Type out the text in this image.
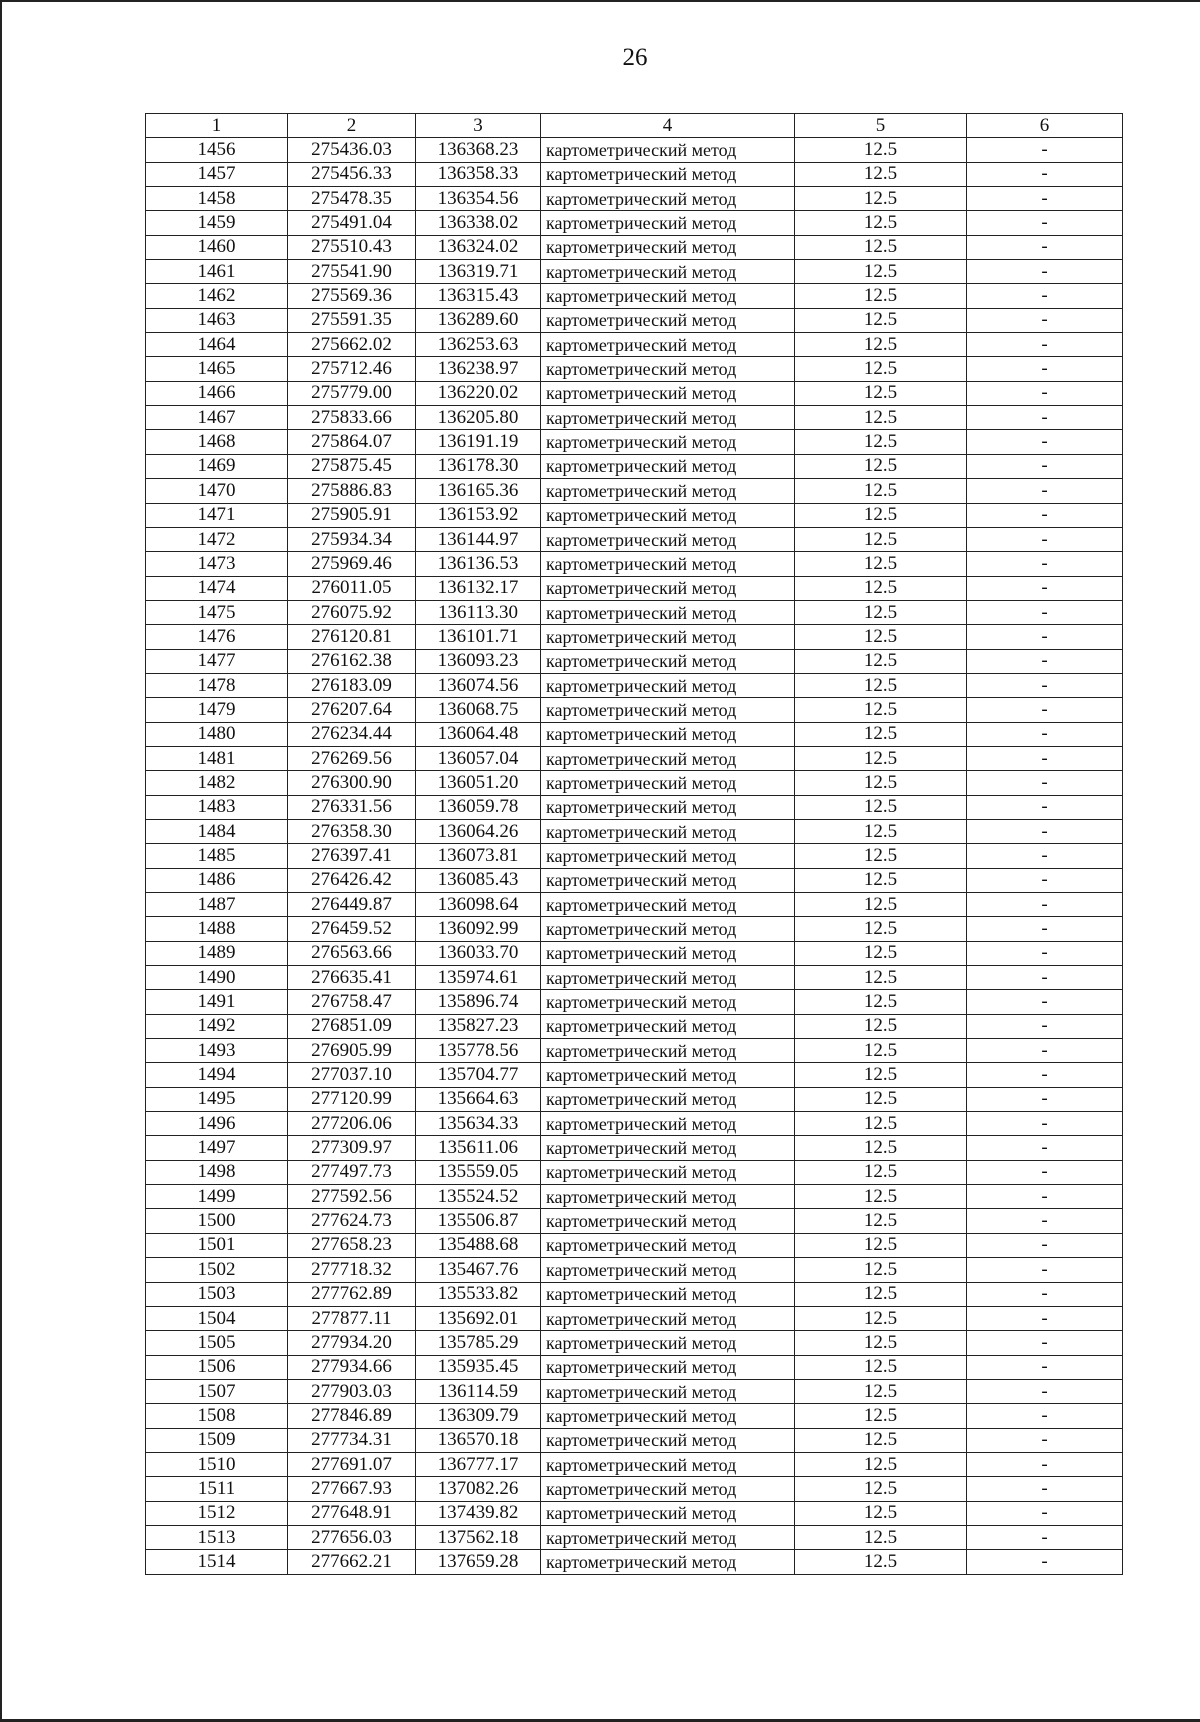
26
1	2	3	4	5	6
1456	275436.03	136368.23	картометрический метод	12.5	-
1457	275456.33	136358.33	картометрический метод	12.5	-
1458	275478.35	136354.56	картометрический метод	12.5	-
1459	275491.04	136338.02	картометрический метод	12.5	-
1460	275510.43	136324.02	картометрический метод	12.5	-
1461	275541.90	136319.71	картометрический метод	12.5	-
1462	275569.36	136315.43	картометрический метод	12.5	-
1463	275591.35	136289.60	картометрический метод	12.5	-
1464	275662.02	136253.63	картометрический метод	12.5	-
1465	275712.46	136238.97	картометрический метод	12.5	-
1466	275779.00	136220.02	картометрический метод	12.5	-
1467	275833.66	136205.80	картометрический метод	12.5	-
1468	275864.07	136191.19	картометрический метод	12.5	-
1469	275875.45	136178.30	картометрический метод	12.5	-
1470	275886.83	136165.36	картометрический метод	12.5	-
1471	275905.91	136153.92	картометрический метод	12.5	-
1472	275934.34	136144.97	картометрический метод	12.5	-
1473	275969.46	136136.53	картометрический метод	12.5	-
1474	276011.05	136132.17	картометрический метод	12.5	-
1475	276075.92	136113.30	картометрический метод	12.5	-
1476	276120.81	136101.71	картометрический метод	12.5	-
1477	276162.38	136093.23	картометрический метод	12.5	-
1478	276183.09	136074.56	картометрический метод	12.5	-
1479	276207.64	136068.75	картометрический метод	12.5	-
1480	276234.44	136064.48	картометрический метод	12.5	-
1481	276269.56	136057.04	картометрический метод	12.5	-
1482	276300.90	136051.20	картометрический метод	12.5	-
1483	276331.56	136059.78	картометрический метод	12.5	-
1484	276358.30	136064.26	картометрический метод	12.5	-
1485	276397.41	136073.81	картометрический метод	12.5	-
1486	276426.42	136085.43	картометрический метод	12.5	-
1487	276449.87	136098.64	картометрический метод	12.5	-
1488	276459.52	136092.99	картометрический метод	12.5	-
1489	276563.66	136033.70	картометрический метод	12.5	-
1490	276635.41	135974.61	картометрический метод	12.5	-
1491	276758.47	135896.74	картометрический метод	12.5	-
1492	276851.09	135827.23	картометрический метод	12.5	-
1493	276905.99	135778.56	картометрический метод	12.5	-
1494	277037.10	135704.77	картометрический метод	12.5	-
1495	277120.99	135664.63	картометрический метод	12.5	-
1496	277206.06	135634.33	картометрический метод	12.5	-
1497	277309.97	135611.06	картометрический метод	12.5	-
1498	277497.73	135559.05	картометрический метод	12.5	-
1499	277592.56	135524.52	картометрический метод	12.5	-
1500	277624.73	135506.87	картометрический метод	12.5	-
1501	277658.23	135488.68	картометрический метод	12.5	-
1502	277718.32	135467.76	картометрический метод	12.5	-
1503	277762.89	135533.82	картометрический метод	12.5	-
1504	277877.11	135692.01	картометрический метод	12.5	-
1505	277934.20	135785.29	картометрический метод	12.5	-
1506	277934.66	135935.45	картометрический метод	12.5	-
1507	277903.03	136114.59	картометрический метод	12.5	-
1508	277846.89	136309.79	картометрический метод	12.5	-
1509	277734.31	136570.18	картометрический метод	12.5	-
1510	277691.07	136777.17	картометрический метод	12.5	-
1511	277667.93	137082.26	картометрический метод	12.5	-
1512	277648.91	137439.82	картометрический метод	12.5	-
1513	277656.03	137562.18	картометрический метод	12.5	-
1514	277662.21	137659.28	картометрический метод	12.5	-
